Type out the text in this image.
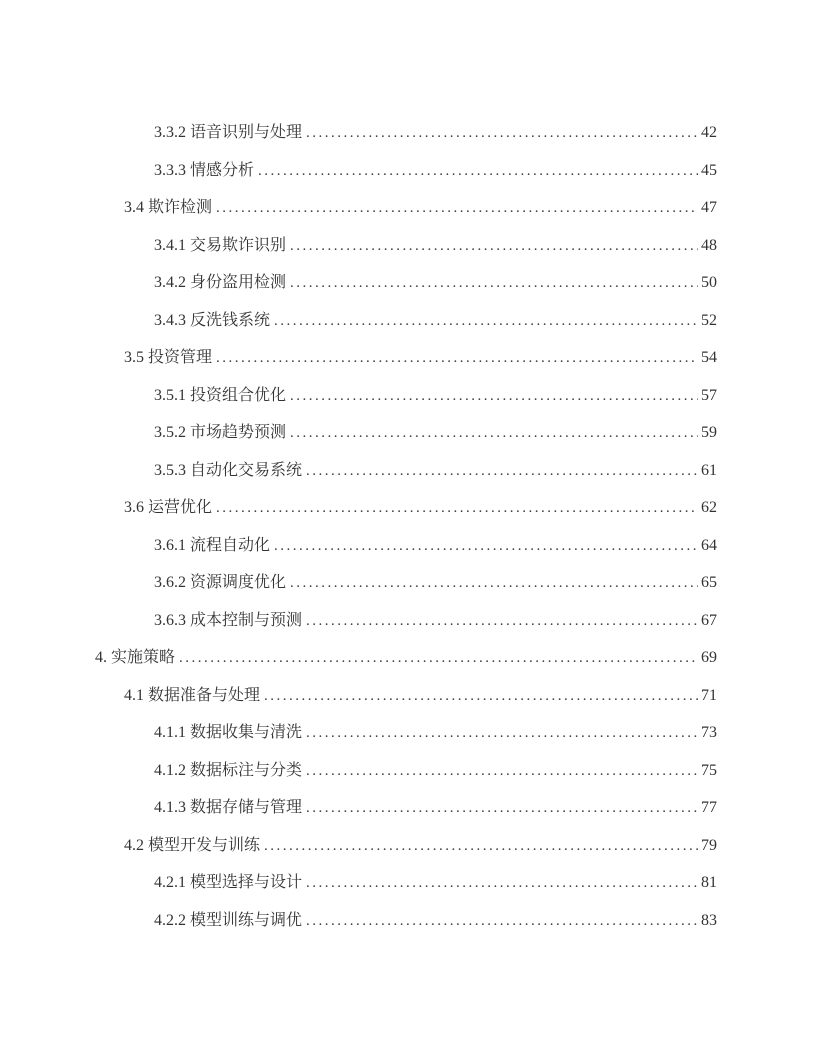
3.3.2 语音识别与处理 .....	42
3.3.3 情感分析 .....	45
3.4 欺诈检测 .....	47
3.4.1 交易欺诈识别 .....	48
3.4.2 身份盗用检测 .....	50
3.4.3 反洗钱系统 .....	52
3.5 投资管理 .....	54
3.5.1 投资组合优化 .....	57
3.5.2 市场趋势预测 .....	59
3.5.3 自动化交易系统 .....	61
3.6 运营优化 .....	62
3.6.1 流程自动化 .....	64
3.6.2 资源调度优化 .....	65
3.6.3 成本控制与预测 .....	67
4. 实施策略 .....	69
4.1 数据准备与处理 .....	71
4.1.1 数据收集与清洗 .....	73
4.1.2 数据标注与分类 .....	75
4.1.3 数据存储与管理 .....	77
4.2 模型开发与训练 .....	79
4.2.1 模型选择与设计 .....	81
4.2.2 模型训练与调优 .....	83
